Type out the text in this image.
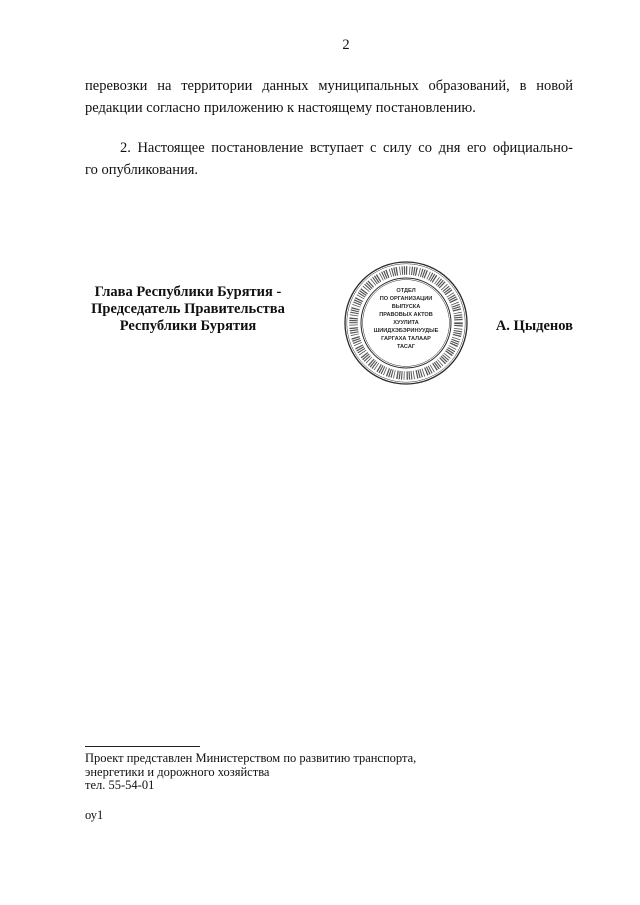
2
перевозки на территории данных муниципальных образований, в новой
редакции согласно приложению к настоящему постановлению.
2. Настоящее постановление вступает с силу со дня его официально-
го опубликования.
Глава Республики Бурятия -
Председатель Правительства
Республики Бурятия
ОТДЕЛ
ПО ОРГАНИЗАЦИИ
ВЫПУСКА
ПРАВОВЫХ АКТОВ
ХУУЛИТА
ШИИДХЭБЭРИНУУДЫЕ
ГАРГАХА ТАЛААР
ТАСАГ
А. Цыденов
Проект представлен Министерством по развитию транспорта,
энергетики и дорожного хозяйства
тел. 55-54-01
оу1
